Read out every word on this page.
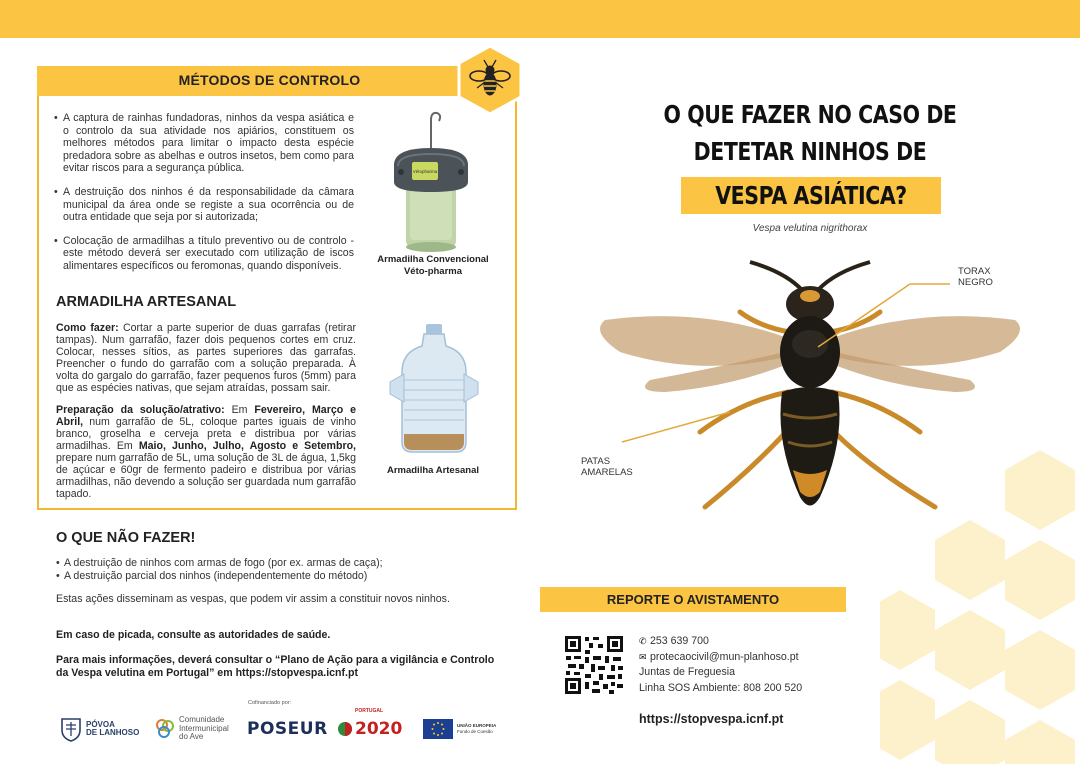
MÉTODOS DE CONTROLO
• A captura de rainhas fundadoras, ninhos da vespa asiática e o controlo da sua atividade nos apiários, constituem os melhores métodos para limitar o impacto desta espécie predadora sobre as abelhas e outros insetos, bem como para evitar riscos para a segurança pública.
• A destruição dos ninhos é da responsabilidade da câmara municipal da área onde se registe a sua ocorrência ou de outra entidade que seja por si autorizada;
• Colocação de armadilhas a título preventivo ou de controlo - este método deverá ser executado com utilização de iscos alimentares específicos ou feromonas, quando disponíveis.
Vétopharma
Armadilha Convencional
Véto-pharma
ARMADILHA ARTESANAL

Como fazer: Cortar a parte superior de duas garrafas (retirar tampas). Num garrafão, fazer dois pequenos cortes em cruz. Colocar, nesses sítios, as partes superiores das garrafas. Preencher o fundo do garrafão com a solução preparada. À volta do gargalo do garrafão, fazer pequenos furos (5mm) para que as espécies nativas, que sejam atraídas, possam sair.

Preparação da solução/atrativo: Em Fevereiro, Março e Abril, num garrafão de 5L, coloque partes iguais de vinho branco, groselha e cerveja preta e distribua por várias armadilhas. Em Maio, Junho, Julho, Agosto e Setembro, prepare num garrafão de 5L, uma solução de 3L de água, 1,5kg de açúcar e 60gr de fermento padeiro e distribua por várias armadilhas, não devendo a solução ser guardada num garrafão tapado.

Armadilha Artesanal
O QUE NÃO FAZER!
• A destruição de ninhos com armas de fogo (por ex. armas de caça);
• A destruição parcial dos ninhos (independentemente do método)
Estas ações disseminam as vespas, que podem vir assim a constituir novos ninhos.
Em caso de picada, consulte as autoridades de saúde.
Para mais informações, deverá consultar o “Plano de Ação para a vigilância e Controlo da Vespa velutina em Portugal” em https://stopvespa.icnf.pt
Cofinanciado por:
PÓVOA
DE LANHOSO
Comunidade
Intermunicipal
do Ave	POSEUR
PORTUGAL
2020	UNIÃO EUROPEIA
Fundo de Coesão
O QUE FAZER NO CASO DE
DETETAR NINHOS DE
VESPA ASIÁTICA?
Vespa velutina nigrithorax
TORAX
NEGRO
PATAS
AMARELAS
REPORTE O AVISTAMENTO
✆ 253 639 700
✉ protecaocivil@mun-planhoso.pt
Juntas de Freguesia
Linha SOS Ambiente: 808 200 520
https://stopvespa.icnf.pt
